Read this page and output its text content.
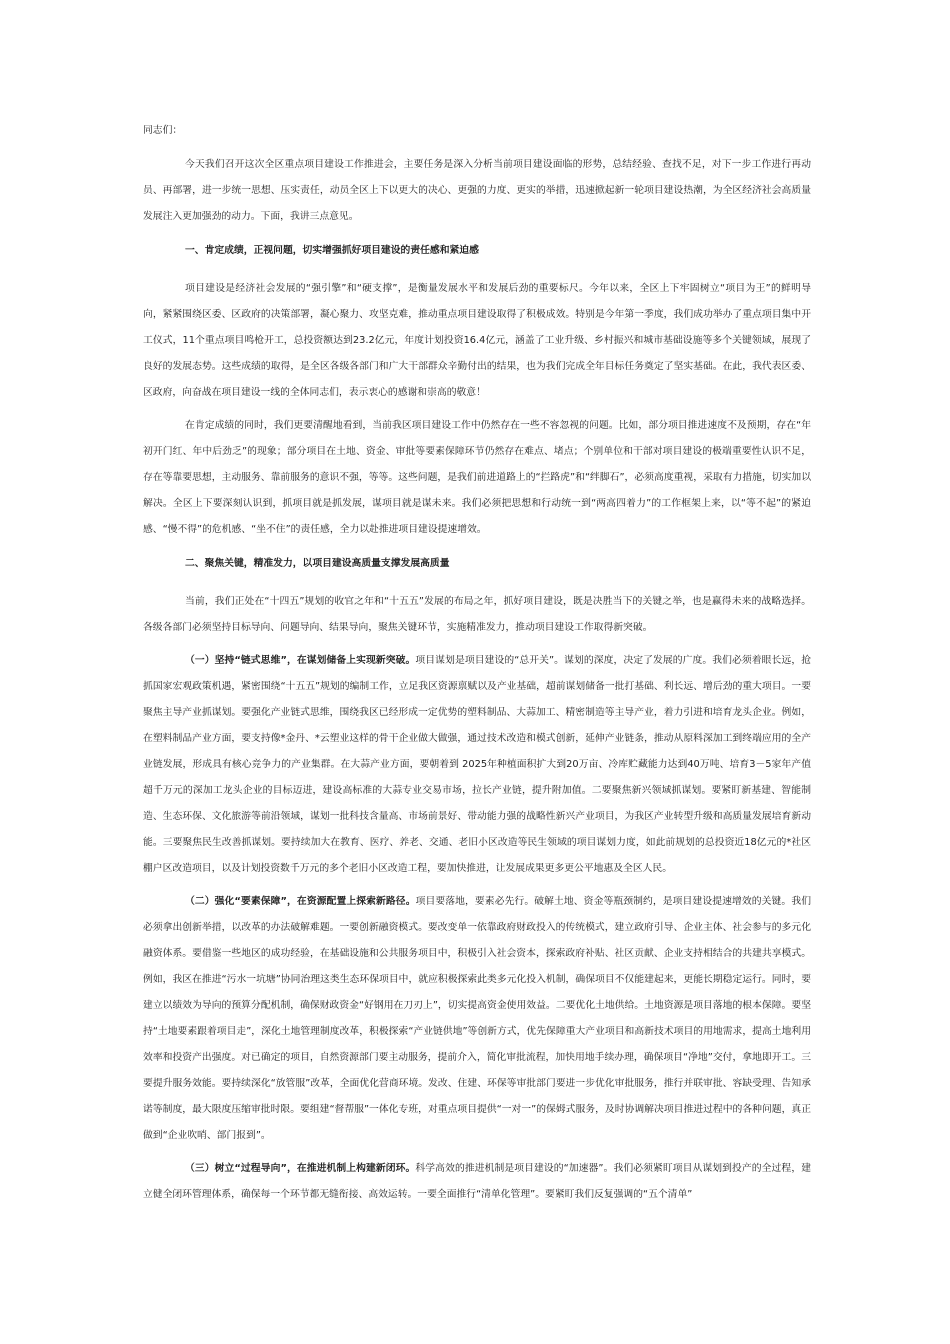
同志们：

今天我们召开这次全区重点项目建设工作推进会，主要任务是深入分析当前项目建设面临的形势，总结经验、查找不足，对下一步工作进行再动员、再部署，进一步统一思想、压实责任，动员全区上下以更大的决心、更强的力度、更实的举措，迅速掀起新一轮项目建设热潮，为全区经济社会高质量发展注入更加强劲的动力。下面，我讲三点意见。

一、肯定成绩，正视问题，切实增强抓好项目建设的责任感和紧迫感

项目建设是经济社会发展的“强引擎”和“硬支撑”，是衡量发展水平和发展后劲的重要标尺。今年以来，全区上下牢固树立“项目为王”的鲜明导向，紧紧围绕区委、区政府的决策部署，凝心聚力、攻坚克难，推动重点项目建设取得了积极成效。特别是今年第一季度，我们成功举办了重点项目集中开工仪式，11个重点项目鸣枪开工，总投资额达到23.2亿元，年度计划投资16.4亿元，涵盖了工业升级、乡村振兴和城市基础设施等多个关键领域，展现了良好的发展态势。这些成绩的取得，是全区各级各部门和广大干部群众辛勤付出的结果，也为我们完成全年目标任务奠定了坚实基础。在此，我代表区委、区政府，向奋战在项目建设一线的全体同志们，表示衷心的感谢和崇高的敬意！

在肯定成绩的同时，我们更要清醒地看到，当前我区项目建设工作中仍然存在一些不容忽视的问题。比如，部分项目推进速度不及预期，存在“年初开门红、年中后劲乏”的现象；部分项目在土地、资金、审批等要素保障环节仍然存在难点、堵点；个别单位和干部对项目建设的极端重要性认识不足，存在等靠要思想，主动服务、靠前服务的意识不强，等等。这些问题，是我们前进道路上的“拦路虎”和“绊脚石”，必须高度重视，采取有力措施，切实加以解决。全区上下要深刻认识到，抓项目就是抓发展，谋项目就是谋未来。我们必须把思想和行动统一到“两高四着力”的工作框架上来，以“等不起”的紧迫感、“慢不得”的危机感、“坐不住”的责任感，全力以赴推进项目建设提速增效。

二、聚焦关键，精准发力，以项目建设高质量支撑发展高质量

当前，我们正处在“十四五”规划的收官之年和“十五五”发展的布局之年，抓好项目建设，既是决胜当下的关键之举，也是赢得未来的战略选择。各级各部门必须坚持目标导向、问题导向、结果导向，聚焦关键环节，实施精准发力，推动项目建设工作取得新突破。

（一）坚持“链式思维”，在谋划储备上实现新突破。项目谋划是项目建设的“总开关”。谋划的深度，决定了发展的广度。我们必须着眼长远，抢抓国家宏观政策机遇，紧密围绕“十五五”规划的编制工作，立足我区资源禀赋以及产业基础，超前谋划储备一批打基础、利长远、增后劲的重大项目。一要聚焦主导产业抓谋划。要强化产业链式思维，围绕我区已经形成一定优势的塑料制品、大蒜加工、精密制造等主导产业，着力引进和培育龙头企业。例如，在塑料制品产业方面，要支持像*金丹、*云塑业这样的骨干企业做大做强，通过技术改造和模式创新，延伸产业链条，推动从原料深加工到终端应用的全产业链发展，形成具有核心竞争力的产业集群。在大蒜产业方面，要朝着到 2025年种植面积扩大到20万亩、冷库贮藏能力达到40万吨、培育3－5家年产值超千万元的深加工龙头企业的目标迈进，建设高标准的大蒜专业交易市场，拉长产业链，提升附加值。二要聚焦新兴领域抓谋划。要紧盯新基建、智能制造、生态环保、文化旅游等前沿领域，谋划一批科技含量高、市场前景好、带动能力强的战略性新兴产业项目，为我区产业转型升级和高质量发展培育新动能。三要聚焦民生改善抓谋划。要持续加大在教育、医疗、养老、交通、老旧小区改造等民生领域的项目谋划力度，如此前规划的总投资近18亿元的*社区棚户区改造项目，以及计划投资数千万元的多个老旧小区改造工程，要加快推进，让发展成果更多更公平地惠及全区人民。

（二）强化“要素保障”，在资源配置上探索新路径。项目要落地，要素必先行。破解土地、资金等瓶颈制约，是项目建设提速增效的关键。我们必须拿出创新举措，以改革的办法破解难题。一要创新融资模式。要改变单一依靠政府财政投入的传统模式，建立政府引导、企业主体、社会参与的多元化融资体系。要借鉴一些地区的成功经验，在基础设施和公共服务项目中，积极引入社会资本，探索政府补贴、社区贡献、企业支持相结合的共建共享模式。例如，我区在推进“污水一坑塘”协同治理这类生态环保项目中，就应积极探索此类多元化投入机制，确保项目不仅能建起来，更能长期稳定运行。同时，要建立以绩效为导向的预算分配机制，确保财政资金“好钢用在刀刃上”，切实提高资金使用效益。二要优化土地供给。土地资源是项目落地的根本保障。要坚持“土地要素跟着项目走”，深化土地管理制度改革，积极探索“产业链供地”等创新方式，优先保障重大产业项目和高新技术项目的用地需求，提高土地利用效率和投资产出强度。对已确定的项目，自然资源部门要主动服务，提前介入，简化审批流程，加快用地手续办理，确保项目“净地”交付，拿地即开工。三要提升服务效能。要持续深化“放管服”改革，全面优化营商环境。发改、住建、环保等审批部门要进一步优化审批服务，推行并联审批、容缺受理、告知承诺等制度，最大限度压缩审批时限。要组建“督帮服”一体化专班，对重点项目提供“一对一”的保姆式服务，及时协调解决项目推进过程中的各种问题，真正做到“企业吹哨、部门报到”。

（三）树立“过程导向”，在推进机制上构建新闭环。科学高效的推进机制是项目建设的“加速器”。我们必须紧盯项目从谋划到投产的全过程，建立健全闭环管理体系，确保每一个环节都无缝衔接、高效运转。一要全面推行“清单化管理”。要紧盯我们反复强调的“五个清单”
